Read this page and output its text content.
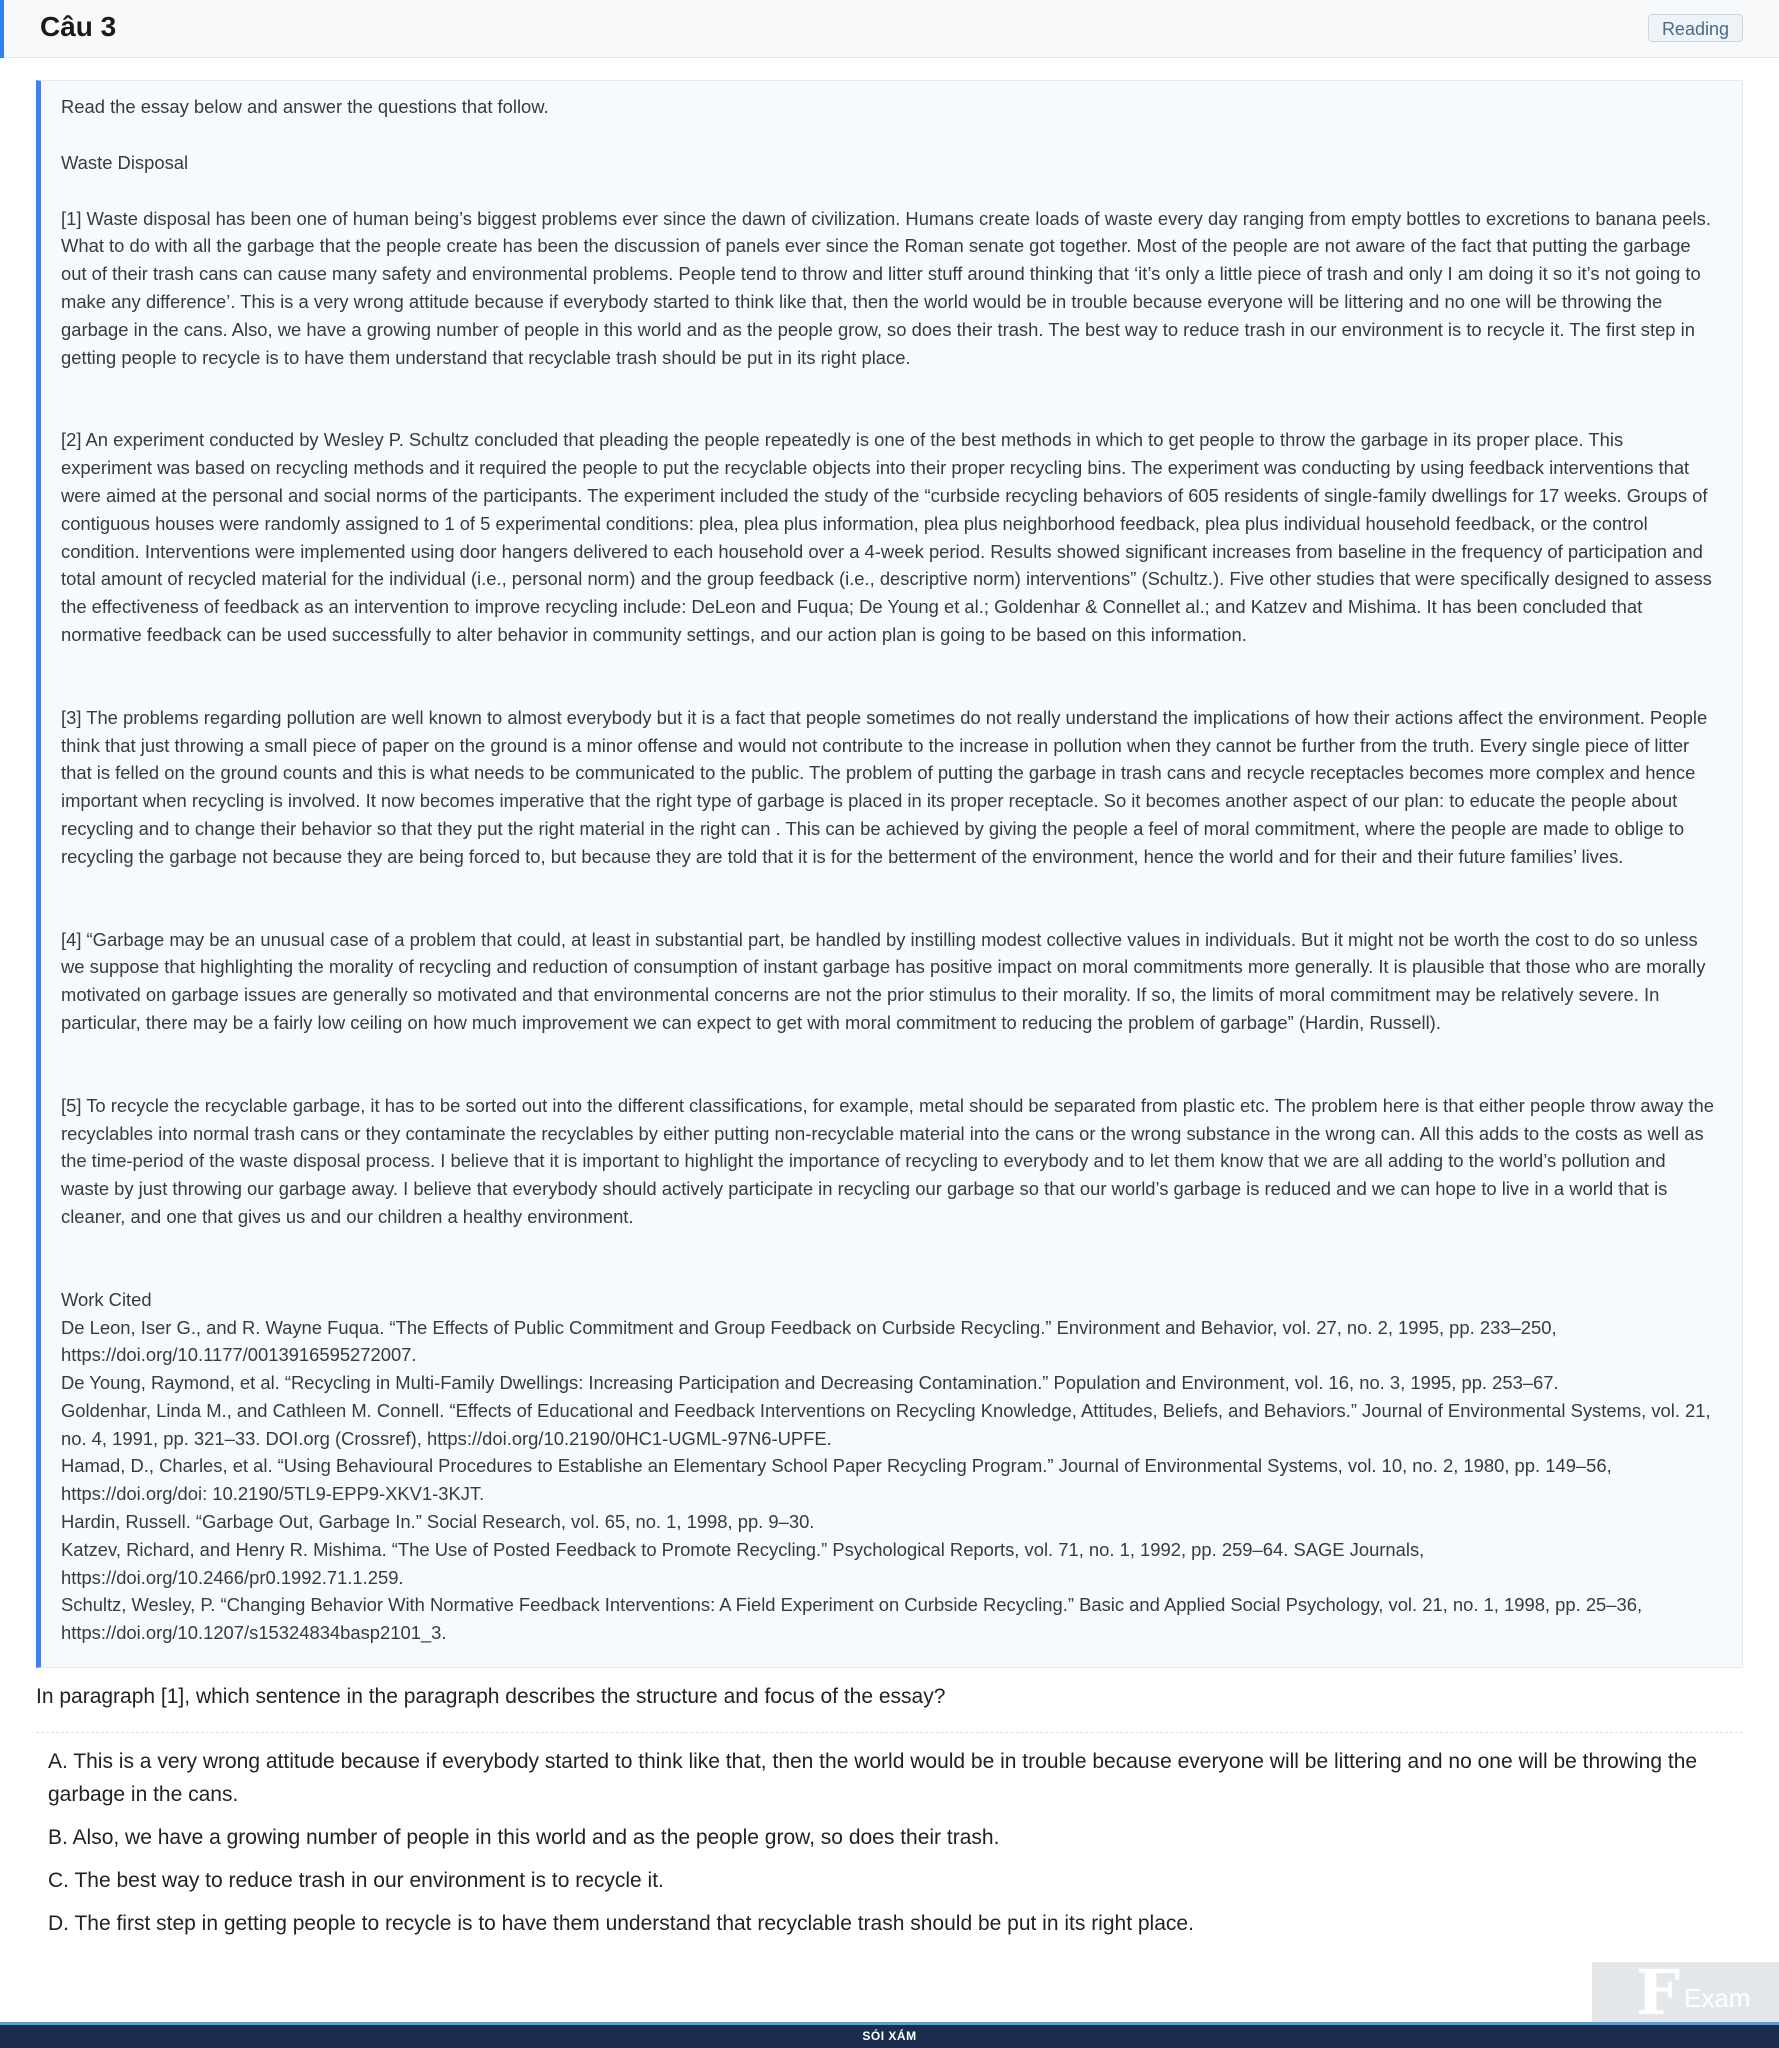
Câu 3	Reading

Read the essay below and answer the questions that follow.

Waste Disposal

[1] Waste disposal has been one of human being’s biggest problems ever since the dawn of civilization. Humans create loads of waste every day ranging from empty bottles to excretions to banana peels. What to do with all the garbage that the people create has been the discussion of panels ever since the Roman senate got together. Most of the people are not aware of the fact that putting the garbage out of their trash cans can cause many safety and environmental problems. People tend to throw and litter stuff around thinking that ‘it’s only a little piece of trash and only I am doing it so it’s not going to make any difference’. This is a very wrong attitude because if everybody started to think like that, then the world would be in trouble because everyone will be littering and no one will be throwing the garbage in the cans. Also, we have a growing number of people in this world and as the people grow, so does their trash. The best way to reduce trash in our environment is to recycle it. The first step in getting people to recycle is to have them understand that recyclable trash should be put in its right place.

[2] An experiment conducted by Wesley P. Schultz concluded that pleading the people repeatedly is one of the best methods in which to get people to throw the garbage in its proper place. This experiment was based on recycling methods and it required the people to put the recyclable objects into their proper recycling bins. The experiment was conducting by using feedback interventions that were aimed at the personal and social norms of the participants. The experiment included the study of the “curbside recycling behaviors of 605 residents of single-family dwellings for 17 weeks. Groups of contiguous houses were randomly assigned to 1 of 5 experimental conditions: plea, plea plus information, plea plus neighborhood feedback, plea plus individual household feedback, or the control condition. Interventions were implemented using door hangers delivered to each household over a 4-week period. Results showed significant increases from baseline in the frequency of participation and total amount of recycled material for the individual (i.e., personal norm) and the group feedback (i.e., descriptive norm) interventions” (Schultz.). Five other studies that were specifically designed to assess the effectiveness of feedback as an intervention to improve recycling include: DeLeon and Fuqua; De Young et al.; Goldenhar & Connellet al.; and Katzev and Mishima. It has been concluded that normative feedback can be used successfully to alter behavior in community settings, and our action plan is going to be based on this information.

[3] The problems regarding pollution are well known to almost everybody but it is a fact that people sometimes do not really understand the implications of how their actions affect the environment. People think that just throwing a small piece of paper on the ground is a minor offense and would not contribute to the increase in pollution when they cannot be further from the truth. Every single piece of litter that is felled on the ground counts and this is what needs to be communicated to the public. The problem of putting the garbage in trash cans and recycle receptacles becomes more complex and hence important when recycling is involved. It now becomes imperative that the right type of garbage is placed in its proper receptacle. So it becomes another aspect of our plan: to educate the people about recycling and to change their behavior so that they put the right material in the right can . This can be achieved by giving the people a feel of moral commitment, where the people are made to oblige to recycling the garbage not because they are being forced to, but because they are told that it is for the betterment of the environment, hence the world and for their and their future families’ lives.

[4] “Garbage may be an unusual case of a problem that could, at least in substantial part, be handled by instilling modest collective values in individuals. But it might not be worth the cost to do so unless we suppose that highlighting the morality of recycling and reduction of consumption of instant garbage has positive impact on moral commitments more generally. It is plausible that those who are morally motivated on garbage issues are generally so motivated and that environmental concerns are not the prior stimulus to their morality. If so, the limits of moral commitment may be relatively severe. In particular, there may be a fairly low ceiling on how much improvement we can expect to get with moral commitment to reducing the problem of garbage” (Hardin, Russell).

[5] To recycle the recyclable garbage, it has to be sorted out into the different classifications, for example, metal should be separated from plastic etc. The problem here is that either people throw away the recyclables into normal trash cans or they contaminate the recyclables by either putting non-recyclable material into the cans or the wrong substance in the wrong can. All this adds to the costs as well as the time-period of the waste disposal process. I believe that it is important to highlight the importance of recycling to everybody and to let them know that we are all adding to the world’s pollution and waste by just throwing our garbage away. I believe that everybody should actively participate in recycling our garbage so that our world’s garbage is reduced and we can hope to live in a world that is cleaner, and one that gives us and our children a healthy environment.

Work Cited

De Leon, Iser G., and R. Wayne Fuqua. “The Effects of Public Commitment and Group Feedback on Curbside Recycling.” Environment and Behavior, vol. 27, no. 2, 1995, pp. 233–250, https://doi.org/10.1177/0013916595272007.

De Young, Raymond, et al. “Recycling in Multi-Family Dwellings: Increasing Participation and Decreasing Contamination.” Population and Environment, vol. 16, no. 3, 1995, pp. 253–67.

Goldenhar, Linda M., and Cathleen M. Connell. “Effects of Educational and Feedback Interventions on Recycling Knowledge, Attitudes, Beliefs, and Behaviors.” Journal of Environmental Systems, vol. 21, no. 4, 1991, pp. 321–33. DOI.org (Crossref), https://doi.org/10.2190/0HC1-UGML-97N6-UPFE.

Hamad, D., Charles, et al. “Using Behavioural Procedures to Establishe an Elementary School Paper Recycling Program.” Journal of Environmental Systems, vol. 10, no. 2, 1980, pp. 149–56, https://doi.org/doi: 10.2190/5TL9-EPP9-XKV1-3KJT.

Hardin, Russell. “Garbage Out, Garbage In.” Social Research, vol. 65, no. 1, 1998, pp. 9–30.

Katzev, Richard, and Henry R. Mishima. “The Use of Posted Feedback to Promote Recycling.” Psychological Reports, vol. 71, no. 1, 1992, pp. 259–64. SAGE Journals, https://doi.org/10.2466/pr0.1992.71.1.259.

Schultz, Wesley, P. “Changing Behavior With Normative Feedback Interventions: A Field Experiment on Curbside Recycling.” Basic and Applied Social Psychology, vol. 21, no. 1, 1998, pp. 25–36, https://doi.org/10.1207/s15324834basp2101_3.

In paragraph [1], which sentence in the paragraph describes the structure and focus of the essay?
A. This is a very wrong attitude because if everybody started to think like that, then the world would be in trouble because everyone will be littering and no one will be throwing the garbage in the cans.
B. Also, we have a growing number of people in this world and as the people grow, so does their trash.
C. The best way to reduce trash in our environment is to recycle it.
D. The first step in getting people to recycle is to have them understand that recyclable trash should be put in its right place.
F Exam
SÓI XÁM
